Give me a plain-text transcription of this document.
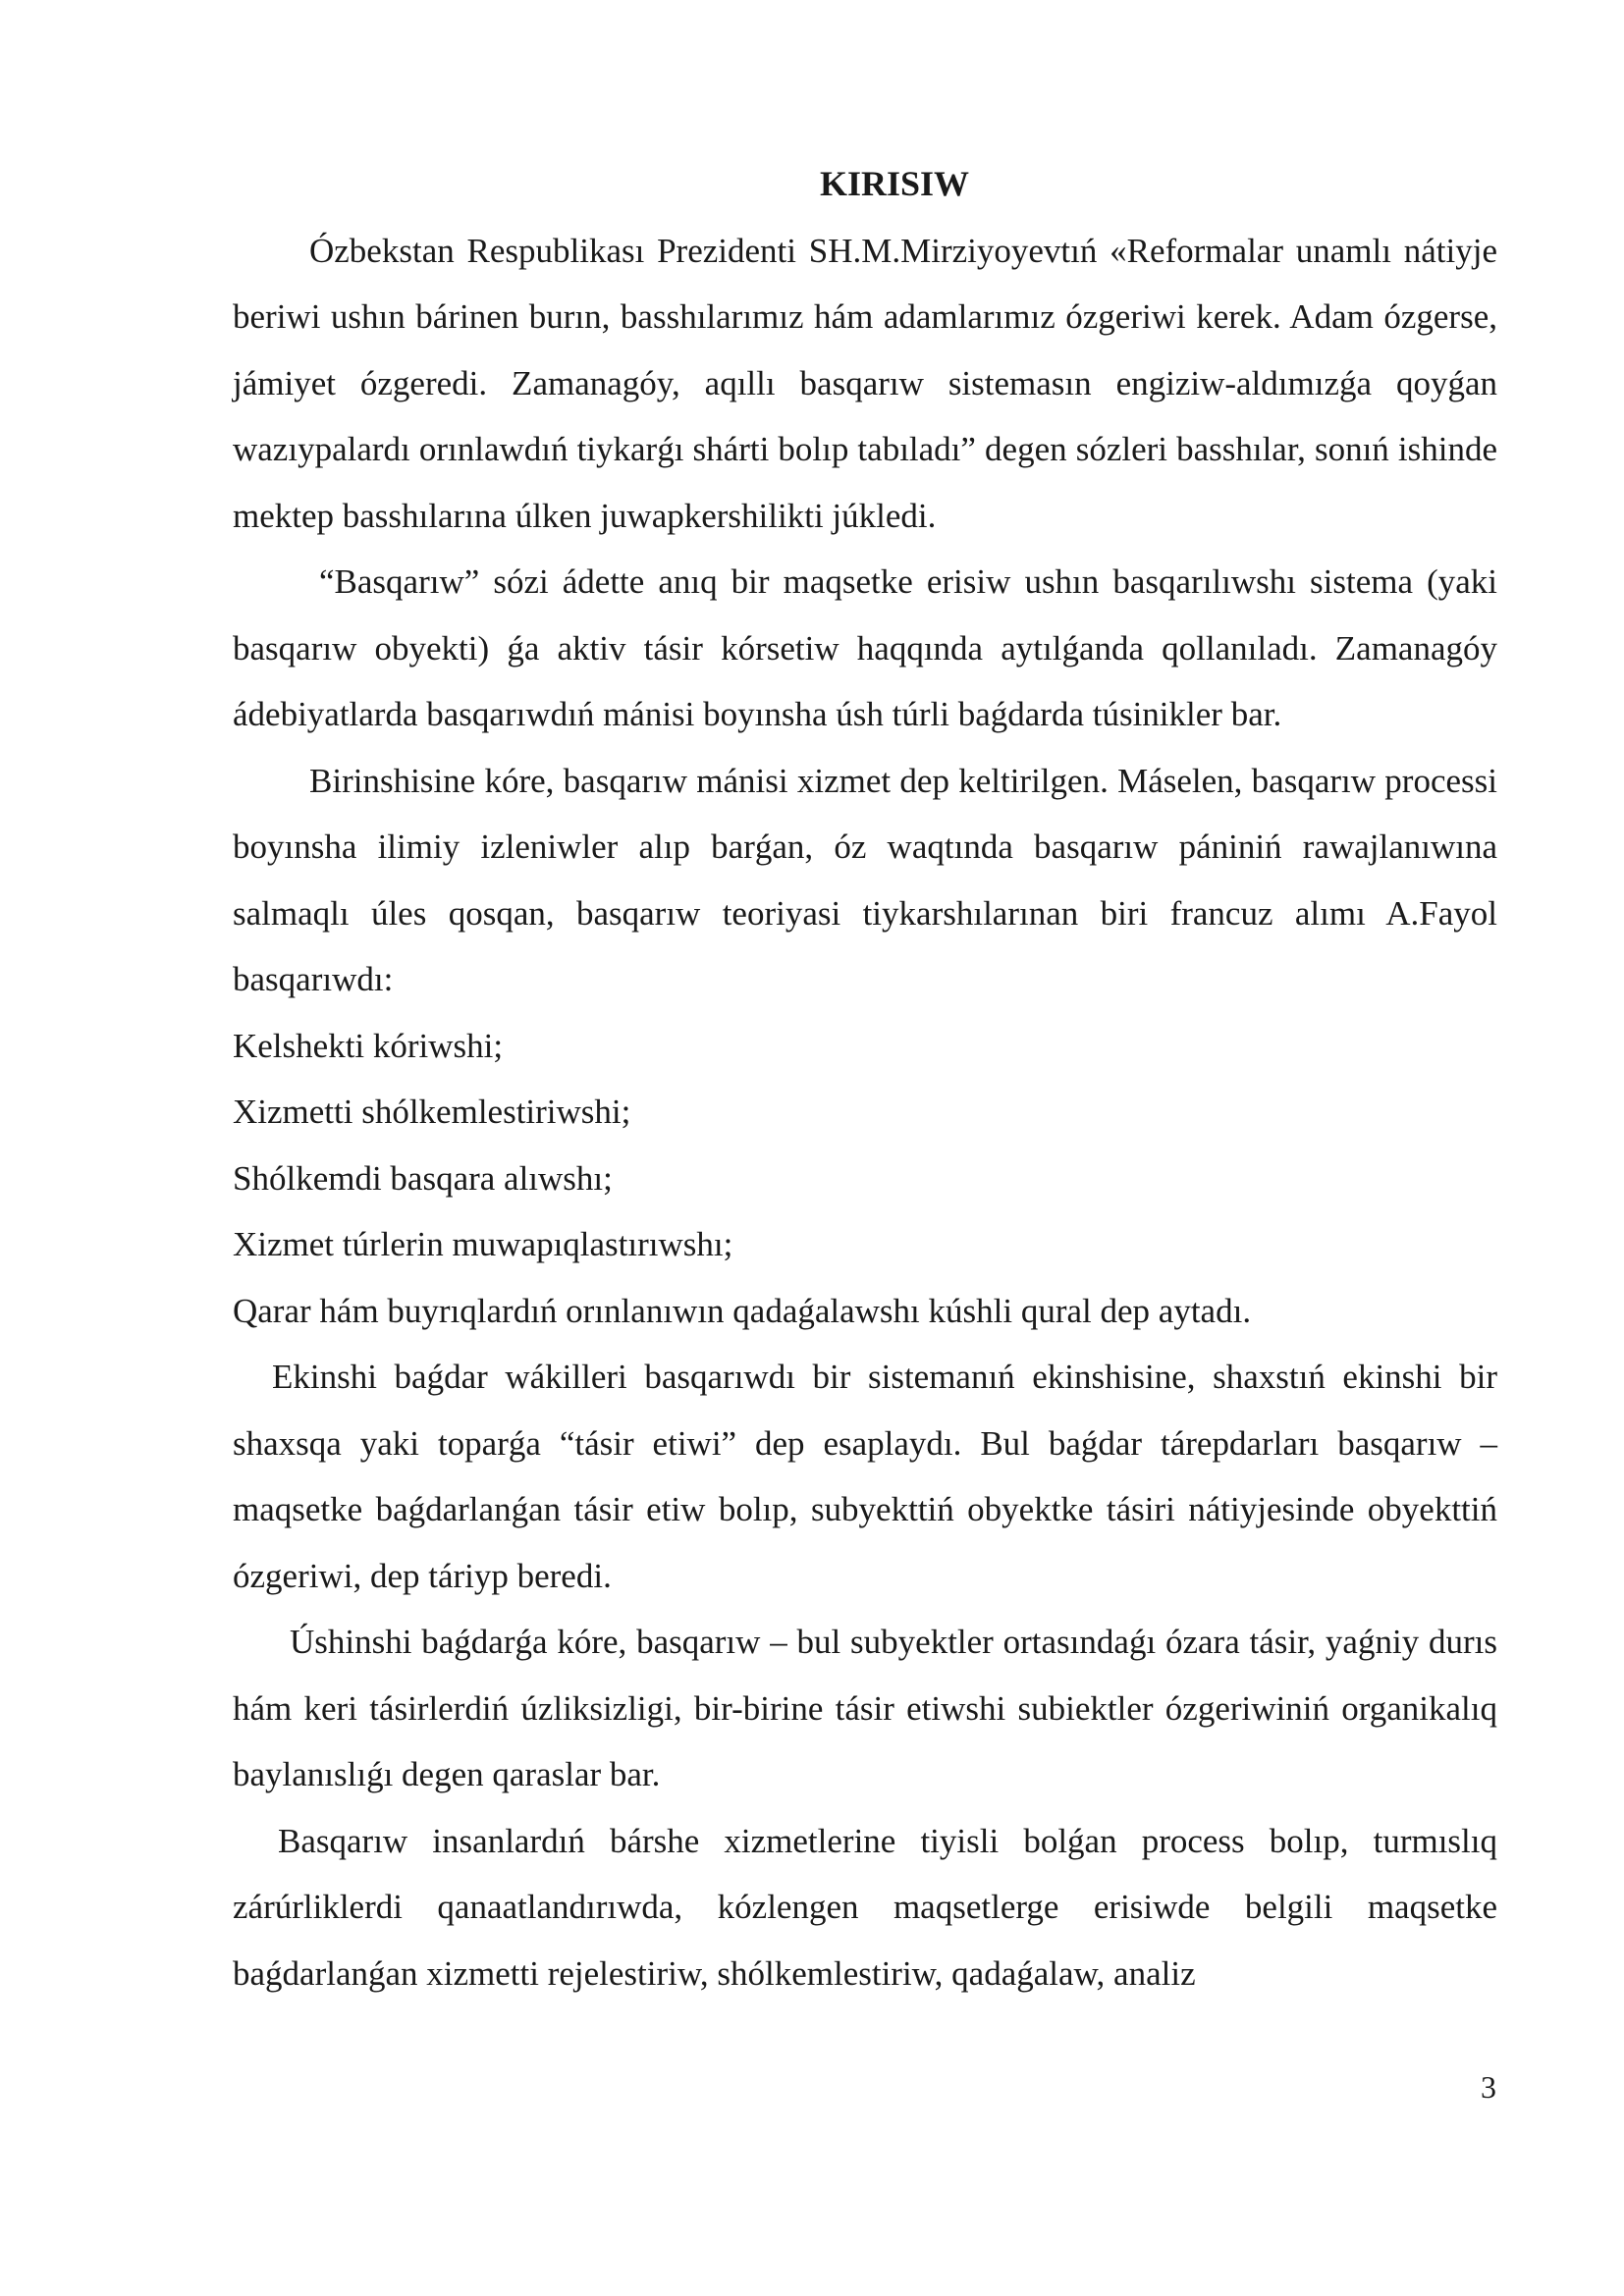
KIRISIW

Ózbekstan Respublikası Prezidenti SH.M.Mirziyoyevtıń «Reformalar unamlı nátiyje beriwi ushın bárinen burın, basshılarımız hám adamlarımız ózgeriwi kerek. Adam ózgerse, jámiyet ózgeredi. Zamanagóy, aqıllı basqarıw sistemasın engiziw-aldımızǵa qoyǵan wazıypalardı orınlawdıń tiykarǵı shárti bolıp tabıladı” degen sózleri basshılar, sonıń ishinde mektep basshılarına úlken juwapkershilikti júkledi.

“Basqarıw” sózi ádette anıq bir maqsetke erisiw ushın basqarılıwshı sistema (yaki basqarıw obyekti) ǵa aktiv tásir kórsetiw haqqında aytılǵanda qollanıladı. Zamanagóy ádebiyatlarda basqarıwdıń mánisi boyınsha úsh túrli baǵdarda túsinikler bar.

Birinshisine kóre, basqarıw mánisi xizmet dep keltirilgen. Máselen, basqarıw processi boyınsha ilimiy izleniwler alıp barǵan, óz waqtında basqarıw pániniń rawajlanıwına salmaqlı úles qosqan, basqarıw teoriyasi tiykarshılarınan biri francuz alımı A.Fayol basqarıwdı:

Kelshekti kóriwshi;

Xizmetti shólkemlestiriwshi;

Shólkemdi basqara alıwshı;

Xizmet túrlerin muwapıqlastırıwshı;

Qarar hám buyrıqlardıń orınlanıwın qadaǵalawshı kúshli qural dep aytadı.

Ekinshi baǵdar wákilleri basqarıwdı bir sistemanıń ekinshisine, shaxstıń ekinshi bir shaxsqa yaki toparǵa “tásir etiwi” dep esaplaydı. Bul baǵdar tárepdarları basqarıw – maqsetke baǵdarlanǵan tásir etiw bolıp, subyekttiń obyektke tásiri nátiyjesinde obyekttiń ózgeriwi, dep táriyp beredi.

Úshinshi baǵdarǵa kóre, basqarıw – bul subyektler ortasındaǵı ózara tásir, yaǵniy durıs hám keri tásirlerdiń úzliksizligi, bir-birine tásir etiwshi subiektler ózgeriwiniń organikalıq baylanıslıǵı degen qaraslar bar.

Basqarıw insanlardıń bárshe xizmetlerine tiyisli bolǵan process bolıp, turmıslıq zárúrliklerdi qanaatlandırıwda, kózlengen maqsetlerge erisiwde belgili maqsetke baǵdarlanǵan xizmetti rejelestiriw, shólkemlestiriw, qadaǵalaw, analiz

3
